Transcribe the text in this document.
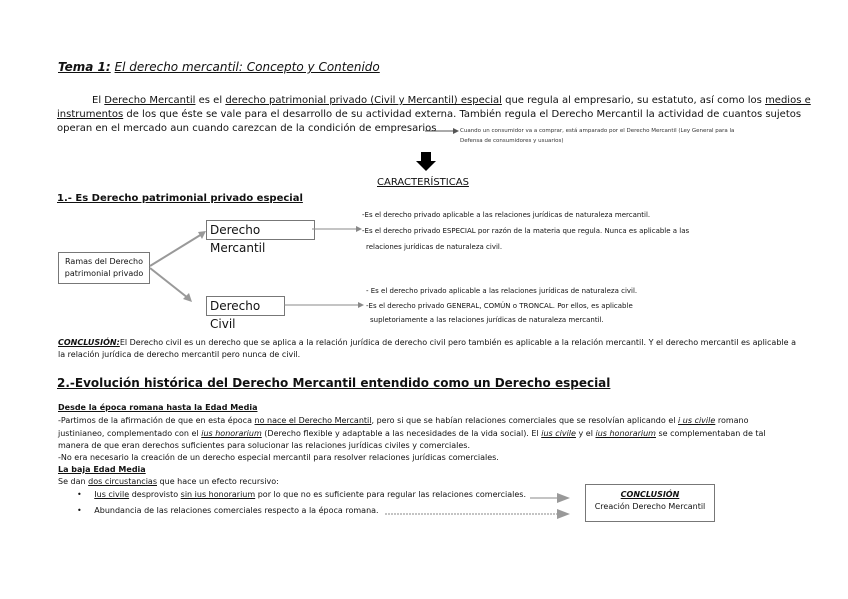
Tema 1: El derecho mercantil: Concepto y Contenido
El Derecho Mercantil es el derecho patrimonial privado (Civil y Mercantil) especial que regula al empresario, su estatuto, así como los medios e
instrumentos de los que éste se vale para el desarrollo de su actividad externa. También regula el Derecho Mercantil la actividad de cuantos sujetos
operan en el mercado aun cuando carezcan de la condición de empresarios	Cuando un consumidor va a comprar, está amparado por el Derecho Mercantil (Ley General para la
Defensa de consumidores y usuarios)
CARACTERÍSTICAS
1.- Es Derecho patrimonial privado especial
Ramas del Derecho
patrimonial privado
Derecho Mercantil
Derecho Civil
-Es el derecho privado aplicable a las relaciones jurídicas de naturaleza mercantil.
-Es el derecho privado ESPECIAL por razón de la materia que regula. Nunca es aplicable a las
relaciones jurídicas de naturaleza civil.
- Es el derecho privado aplicable a las relaciones jurídicas de naturaleza civil.
-Es el derecho privado GENERAL, COMÚN o TRONCAL. Por ellos, es aplicable
supletoriamente a las relaciones jurídicas de naturaleza mercantil.
CONCLUSIÓN:El Derecho civil es un derecho que se aplica a la relación jurídica de derecho civil pero también es aplicable a la relación mercantil. Y el derecho mercantil es aplicable a
la relación jurídica de derecho mercantil pero nunca de civil.
2.-Evolución histórica del Derecho Mercantil entendido como un Derecho especial
Desde la época romana hasta la Edad Media
-Partimos de la afirmación de que en esta época no nace el Derecho Mercantil, pero si que se habían relaciones comerciales que se resolvían aplicando el i us civile romano
justinianeo, complementado con el ius honorarium (Derecho flexible y adaptable a las necesidades de la vida social). El ius civile y el ius honorarium se complementaban de tal
manera de que eran derechos suficientes para solucionar las relaciones jurídicas civiles y comerciales.
-No era necesario la creación de un derecho especial mercantil para resolver relaciones jurídicas comerciales.
La baja Edad Media
Se dan dos circustancias que hace un efecto recursivo:
• Ius civile desprovisto sin ius honorarium por lo que no es suficiente para regular las relaciones comerciales.
• Abundancia de las relaciones comerciales respecto a la época romana.
CONCLUSIÓN
Creación Derecho Mercantil
